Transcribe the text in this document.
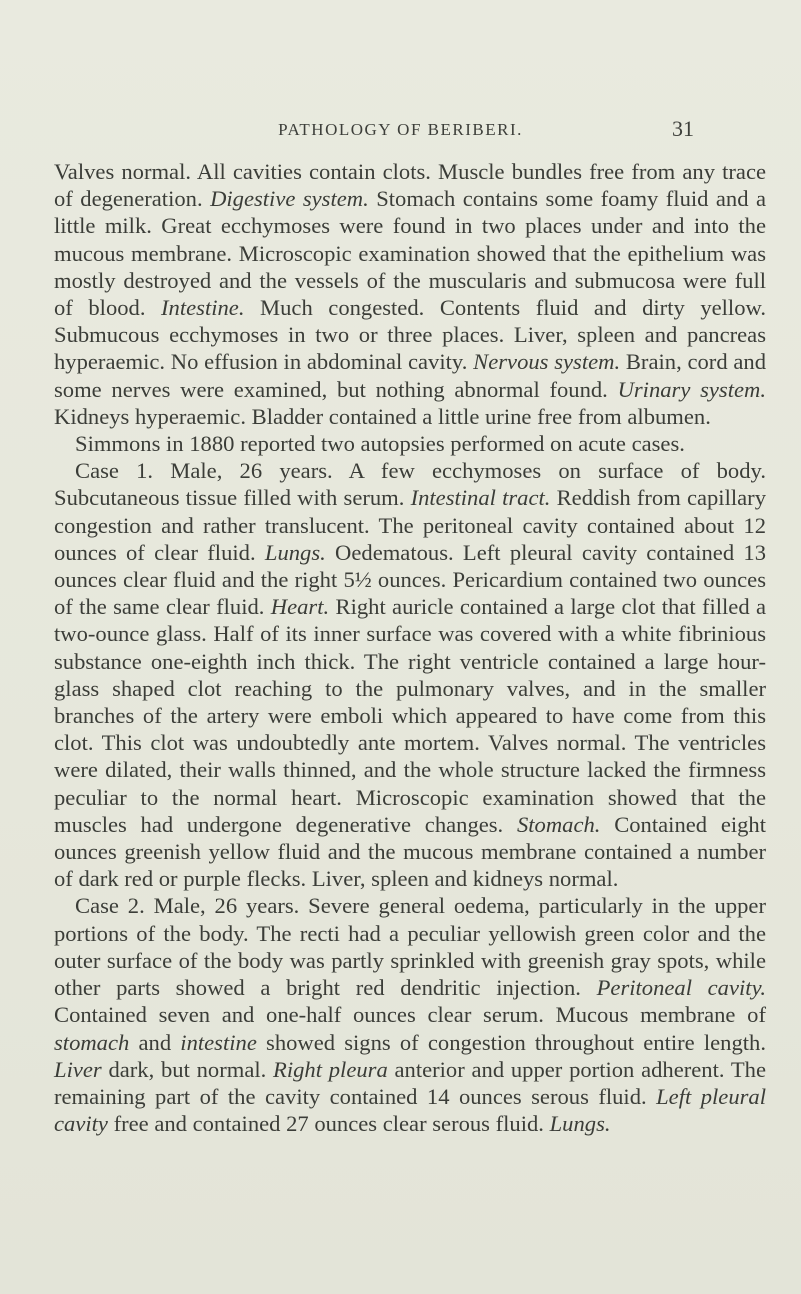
PATHOLOGY OF BERIBERI.	31

Valves normal. All cavities contain clots. Muscle bundles free from any trace of degeneration. Digestive system. Stomach contains some foamy fluid and a little milk. Great ecchymoses were found in two places under and into the mucous membrane. Microscopic examination showed that the epithelium was mostly destroyed and the vessels of the muscularis and submucosa were full of blood. Intestine. Much congested. Contents fluid and dirty yellow. Submucous ecchymoses in two or three places. Liver, spleen and pancreas hyperaemic. No effusion in abdominal cavity. Nervous system. Brain, cord and some nerves were examined, but nothing abnormal found. Urinary system. Kidneys hyperaemic. Bladder contained a little urine free from albumen.

Simmons in 1880 reported two autopsies performed on acute cases.

Case 1. Male, 26 years. A few ecchymoses on surface of body. Subcutaneous tissue filled with serum. Intestinal tract. Reddish from capillary congestion and rather translucent. The peritoneal cavity contained about 12 ounces of clear fluid. Lungs. Oedematous. Left pleural cavity contained 13 ounces clear fluid and the right 5½ ounces. Pericardium contained two ounces of the same clear fluid. Heart. Right auricle contained a large clot that filled a two-ounce glass. Half of its inner surface was covered with a white fibrinious substance one-eighth inch thick. The right ventricle contained a large hour-glass shaped clot reaching to the pulmonary valves, and in the smaller branches of the artery were emboli which appeared to have come from this clot. This clot was undoubtedly ante mortem. Valves normal. The ventricles were dilated, their walls thinned, and the whole structure lacked the firmness peculiar to the normal heart. Microscopic examination showed that the muscles had undergone degenerative changes. Stomach. Contained eight ounces greenish yellow fluid and the mucous membrane contained a number of dark red or purple flecks. Liver, spleen and kidneys normal.

Case 2. Male, 26 years. Severe general oedema, particularly in the upper portions of the body. The recti had a peculiar yellowish green color and the outer surface of the body was partly sprinkled with greenish gray spots, while other parts showed a bright red dendritic injection. Peritoneal cavity. Contained seven and one-half ounces clear serum. Mucous membrane of stomach and intestine showed signs of congestion throughout entire length. Liver dark, but normal. Right pleura anterior and upper portion adherent. The remaining part of the cavity contained 14 ounces serous fluid. Left pleural cavity free and contained 27 ounces clear serous fluid. Lungs.
